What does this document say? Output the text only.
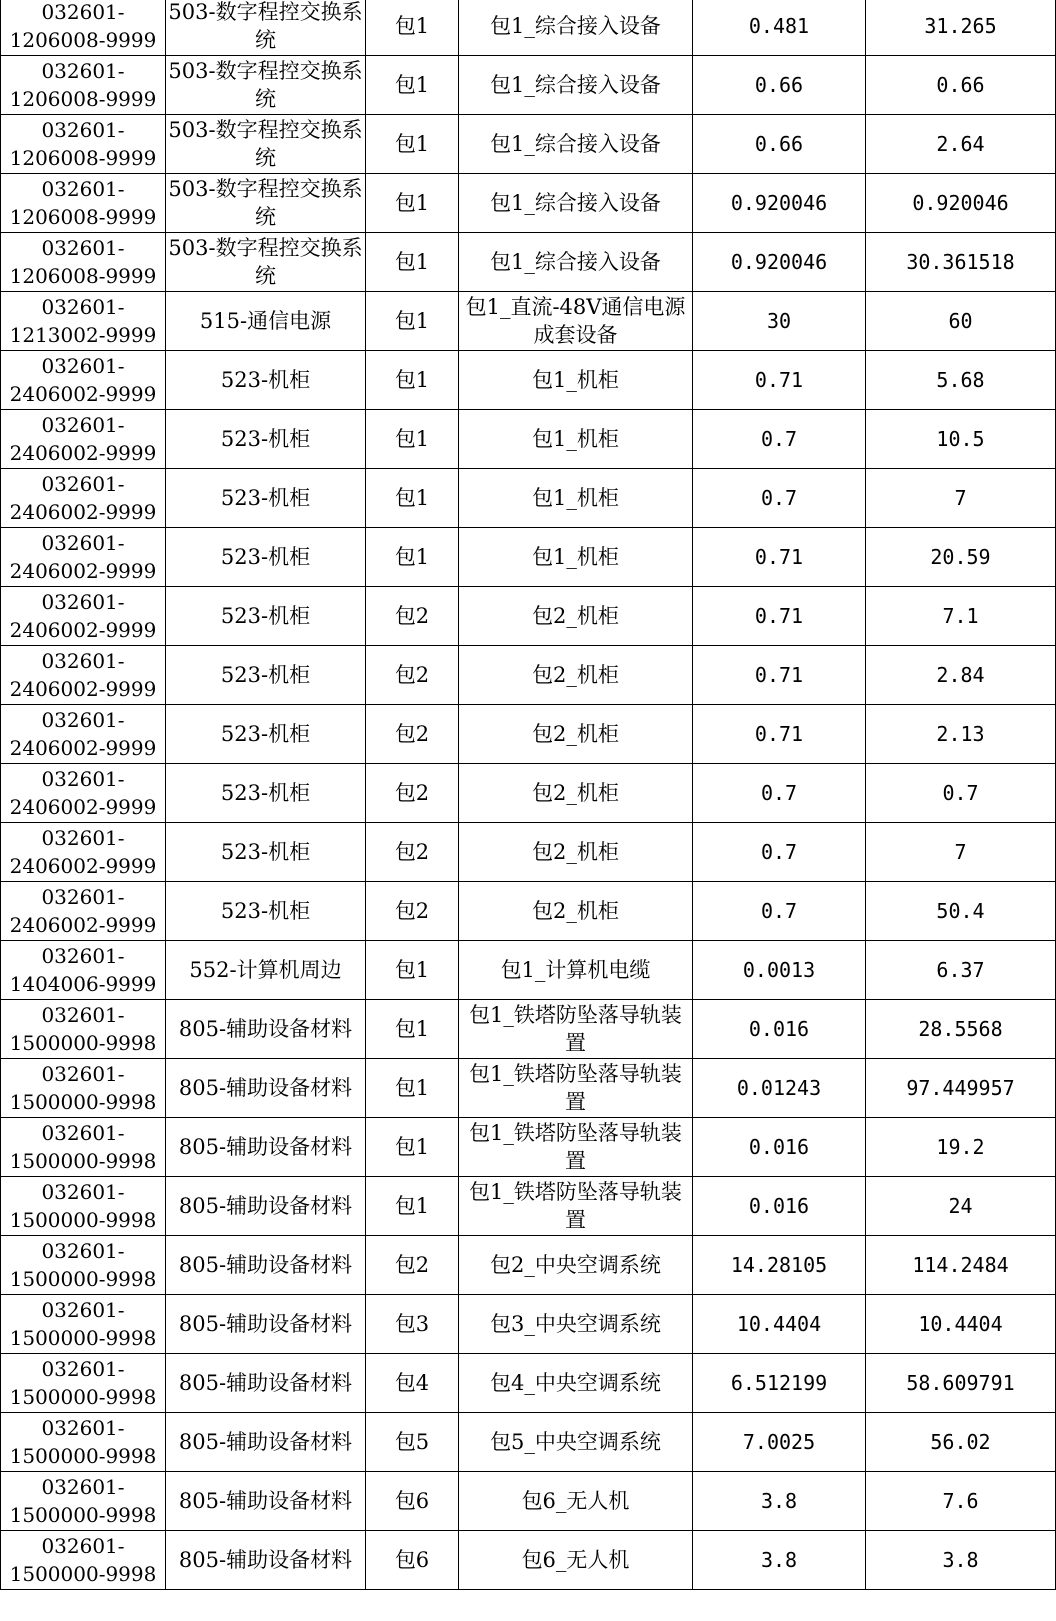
032601-
1206008-9999	503-数字程控交换系统	包1	包1_综合接入设备	0.481	31.265

032601-
1206008-9999	503-数字程控交换系统	包1	包1_综合接入设备	0.66	0.66

032601-
1206008-9999	503-数字程控交换系统	包1	包1_综合接入设备	0.66	2.64

032601-
1206008-9999	503-数字程控交换系统	包1	包1_综合接入设备	0.920046	0.920046

032601-
1206008-9999	503-数字程控交换系统	包1	包1_综合接入设备	0.920046	30.361518

032601-
1213002-9999	515-通信电源	包1	包1_直流-48V通信电源成套设备	30	60

032601-
2406002-9999	523-机柜	包1	包1_机柜	0.71	5.68

032601-
2406002-9999	523-机柜	包1	包1_机柜	0.7	10.5

032601-
2406002-9999	523-机柜	包1	包1_机柜	0.7	7

032601-
2406002-9999	523-机柜	包1	包1_机柜	0.71	20.59

032601-
2406002-9999	523-机柜	包2	包2_机柜	0.71	7.1

032601-
2406002-9999	523-机柜	包2	包2_机柜	0.71	2.84

032601-
2406002-9999	523-机柜	包2	包2_机柜	0.71	2.13

032601-
2406002-9999	523-机柜	包2	包2_机柜	0.7	0.7

032601-
2406002-9999	523-机柜	包2	包2_机柜	0.7	7

032601-
2406002-9999	523-机柜	包2	包2_机柜	0.7	50.4

032601-
1404006-9999	552-计算机周边	包1	包1_计算机电缆	0.0013	6.37

032601-
1500000-9998	805-辅助设备材料	包1	包1_铁塔防坠落导轨装置	0.016	28.5568

032601-
1500000-9998	805-辅助设备材料	包1	包1_铁塔防坠落导轨装置	0.01243	97.449957

032601-
1500000-9998	805-辅助设备材料	包1	包1_铁塔防坠落导轨装置	0.016	19.2

032601-
1500000-9998	805-辅助设备材料	包1	包1_铁塔防坠落导轨装置	0.016	24

032601-
1500000-9998	805-辅助设备材料	包2	包2_中央空调系统	14.28105	114.2484

032601-
1500000-9998	805-辅助设备材料	包3	包3_中央空调系统	10.4404	10.4404

032601-
1500000-9998	805-辅助设备材料	包4	包4_中央空调系统	6.512199	58.609791

032601-
1500000-9998	805-辅助设备材料	包5	包5_中央空调系统	7.0025	56.02

032601-
1500000-9998	805-辅助设备材料	包6	包6_无人机	3.8	7.6

032601-
1500000-9998	805-辅助设备材料	包6	包6_无人机	3.8	3.8
